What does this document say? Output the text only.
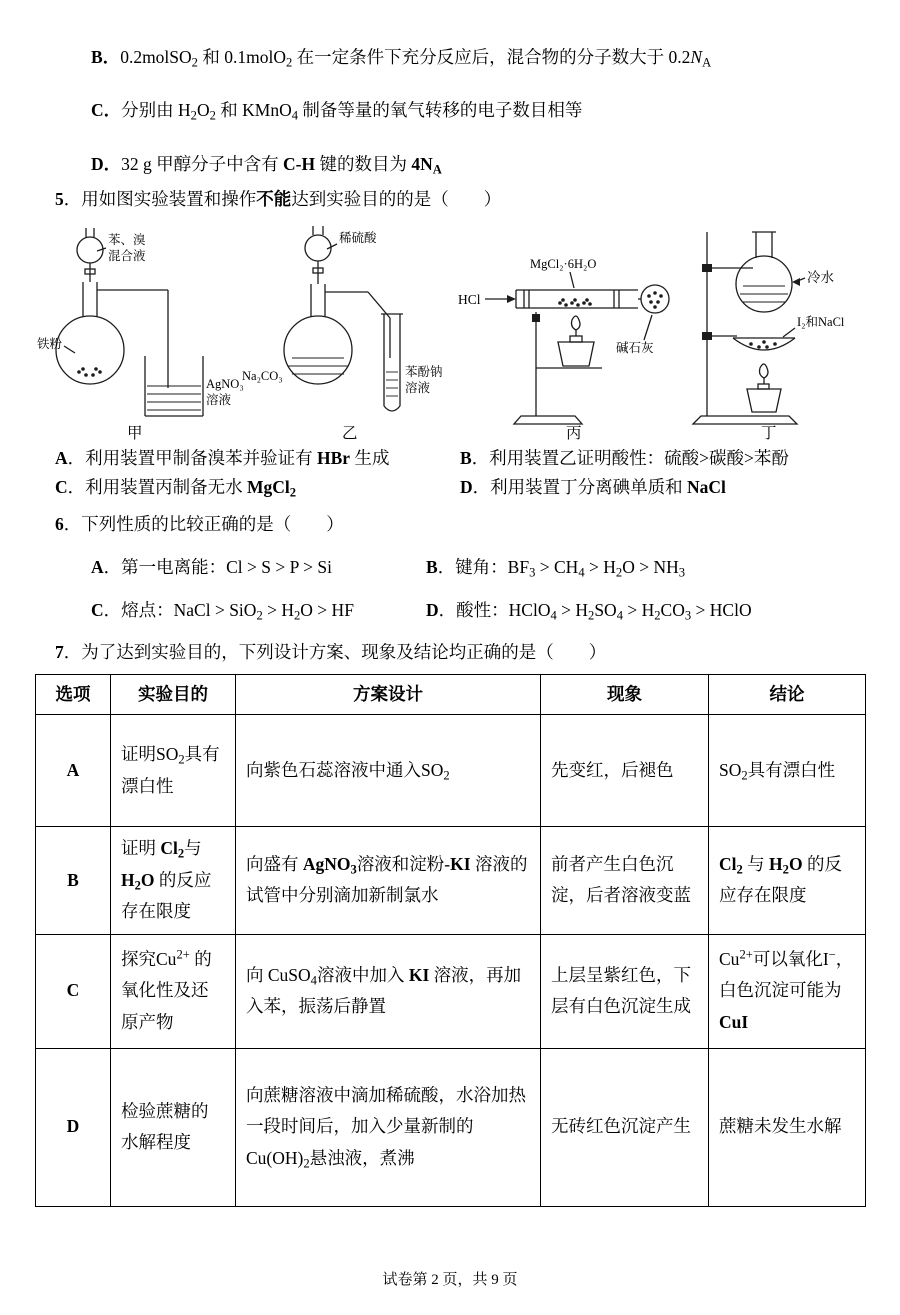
B．0.2molSO$_2$ 和 0.1molO$_2$ 在一定条件下充分反应后，混合物的分子数大于 $0.2N_A$

C．分别由 $H_2O_2$ 和 KMnO$_4$ 制备等量的氧气转移的电子数目相等

D．32 g 甲醇分子中含有 C-H 键的数目为 $4N_A$

5．用如图实验装置和操作不能达到实验目的的是（　　）

苯、溴
混合液
铁粉
AgNO₃
溶液
甲
稀硫酸
Na₂CO₃	苯酚钠
溶液
乙
HCl
MgCl₂·6H₂O
碱石灰
丙
冷水
I₂和NaCl
丁
A．利用装置甲制备溴苯并验证有 HBr 生成	B．利用装置乙证明酸性：硫酸>碳酸>苯酚
C．利用装置丙制备无水 MgCl$_2$	D．利用装置丁分离碘单质和 NaCl

6．下列性质的比较正确的是（　　）

A．第一电离能：Cl > S > P > Si	B．键角：$BF_3 > CH_4 > H_2O > NH_3$
C．熔点：NaCl > $SiO_2 > H_2O$ > HF	D．酸性：HClO$_4$ > $H_2SO_4 > H_2CO_3$ > HClO

7．为了达到实验目的，下列设计方案、现象及结论均正确的是（　　）

选项	实验目的	方案设计	现象	结论
A	证明$SO_2$具有漂白性	向紫色石蕊溶液中通入$SO_2$	先变红，后褪色	$SO_2$具有漂白性
B	证明 $Cl_2$与$H_2O$ 的反应存在限度	向盛有 AgNO$_3$溶液和淀粉-KI 溶液的试管中分别滴加新制氯水	前者产生白色沉淀，后者溶液变蓝	$Cl_2$ 与 $H_2O$ 的反应存在限度
C	探究$Cu^{2+}$ 的氧化性及还原产物	向 CuSO$_4$溶液中加入 KI 溶液，再加入苯，振荡后静置	上层呈紫红色，下层有白色沉淀生成	$Cu^{2+}$可以氧化I−，白色沉淀可能为 CuI
D	检验蔗糖的水解程度	向蔗糖溶液中滴加稀硫酸，水浴加热一段时间后，加入少量新制的 $Cu(OH)_2$悬浊液，煮沸	无砖红色沉淀产生	蔗糖未发生水解

试卷第 2 页，共 9 页
